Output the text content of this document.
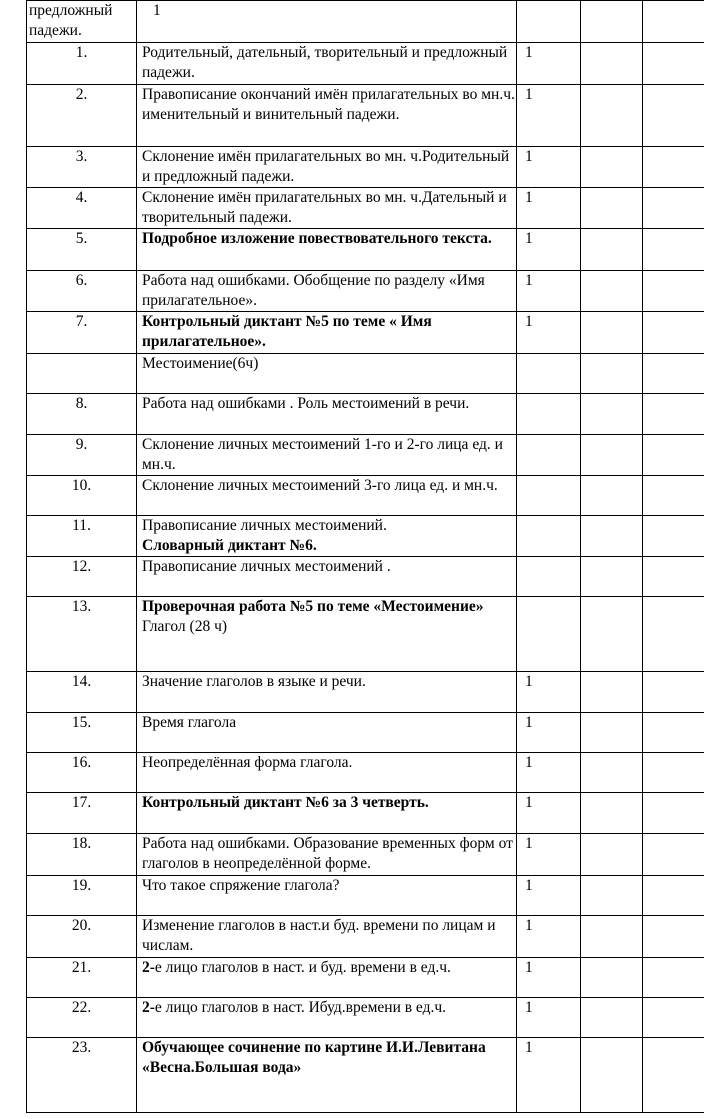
предложный падежи.	1			
1.	Родительный, дательный, творительный и предложный падежи.	1		
2.	Правописание окончаний имён прилагательных во мн.ч. именительный и винительный падежи.	1		
3.	Склонение имён прилагательных во мн. ч.Родительный и предложный падежи.	1		
4.	Склонение имён прилагательных во мн. ч.Дательный и творительный падежи.	1		
5.	Подробное изложение повествовательного текста.	1		
6.	Работа над ошибками. Обобщение по разделу «Имя прилагательное».	1		
7.	Контрольный диктант №5 по теме « Имя прилагательное».	1		
	Местоимение(6ч)			
8.	Работа над ошибками . Роль местоимений в речи.			
9.	Склонение личных местоимений 1-го и 2-го лица ед. и мн.ч.			
10.	Склонение личных местоимений 3-го лица ед. и мн.ч.			
11.	Правописание личных местоимений.
Словарный диктант №6.			

12.	Правописание личных местоимений .			
13.	Проверочная работа №5 по теме «Местоимение»
Глагол (28 ч)			

14.	Значение глаголов в языке и речи.	1		
15.	Время глагола	1		
16.	Неопределённая форма глагола.	1		
17.	Контрольный диктант №6 за 3 четверть.	1		
18.	Работа над ошибками. Образование временных форм от глаголов в неопределённой форме.	1		
19.	Что такое спряжение глагола?	1		
20.	Изменение глаголов в наст.и буд. времени по лицам и числам.	1		
21.	2-е лицо глаголов в наст. и буд. времени в ед.ч.	1		
22.	2-е лицо глаголов в наст. Ибуд.времени в ед.ч.	1		
23.	Обучающее сочинение по картине И.И.Левитана «Весна.Большая вода»	1		
